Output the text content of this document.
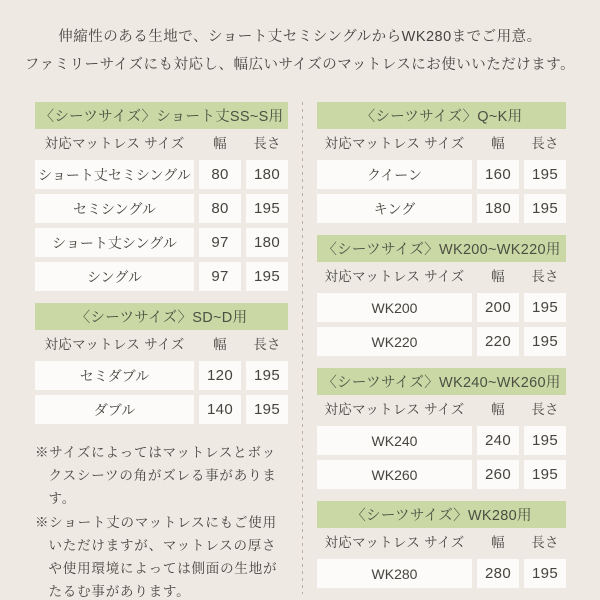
伸縮性のある生地で、ショート丈セミシングルからWK280までご用意。
ファミリーサイズにも対応し、幅広いサイズのマットレスにお使いいただけます。
〈シーツサイズ〉ショート丈SS~S用
対応マットレス サイズ	幅	長さ
ショート丈セミシングル	80	180
セミシングル	80	195
ショート丈シングル	97	180
シングル	97	195
〈シーツサイズ〉SD~D用
対応マットレス サイズ	幅	長さ
セミダブル	120	195
ダブル	140	195
※サイズによってはマットレスとボックスシーツの角がズレる事があります。
※ショート丈のマットレスにもご使用いただけますが、マットレスの厚さや使用環境によっては側面の生地がたるむ事があります。
〈シーツサイズ〉Q~K用
対応マットレス サイズ	幅	長さ
クイーン	160	195
キング	180	195
〈シーツサイズ〉WK200~WK220用
対応マットレス サイズ	幅	長さ
WK200	200	195
WK220	220	195
〈シーツサイズ〉WK240~WK260用
対応マットレス サイズ	幅	長さ
WK240	240	195
WK260	260	195
〈シーツサイズ〉WK280用
対応マットレス サイズ	幅	長さ
WK280	280	195
